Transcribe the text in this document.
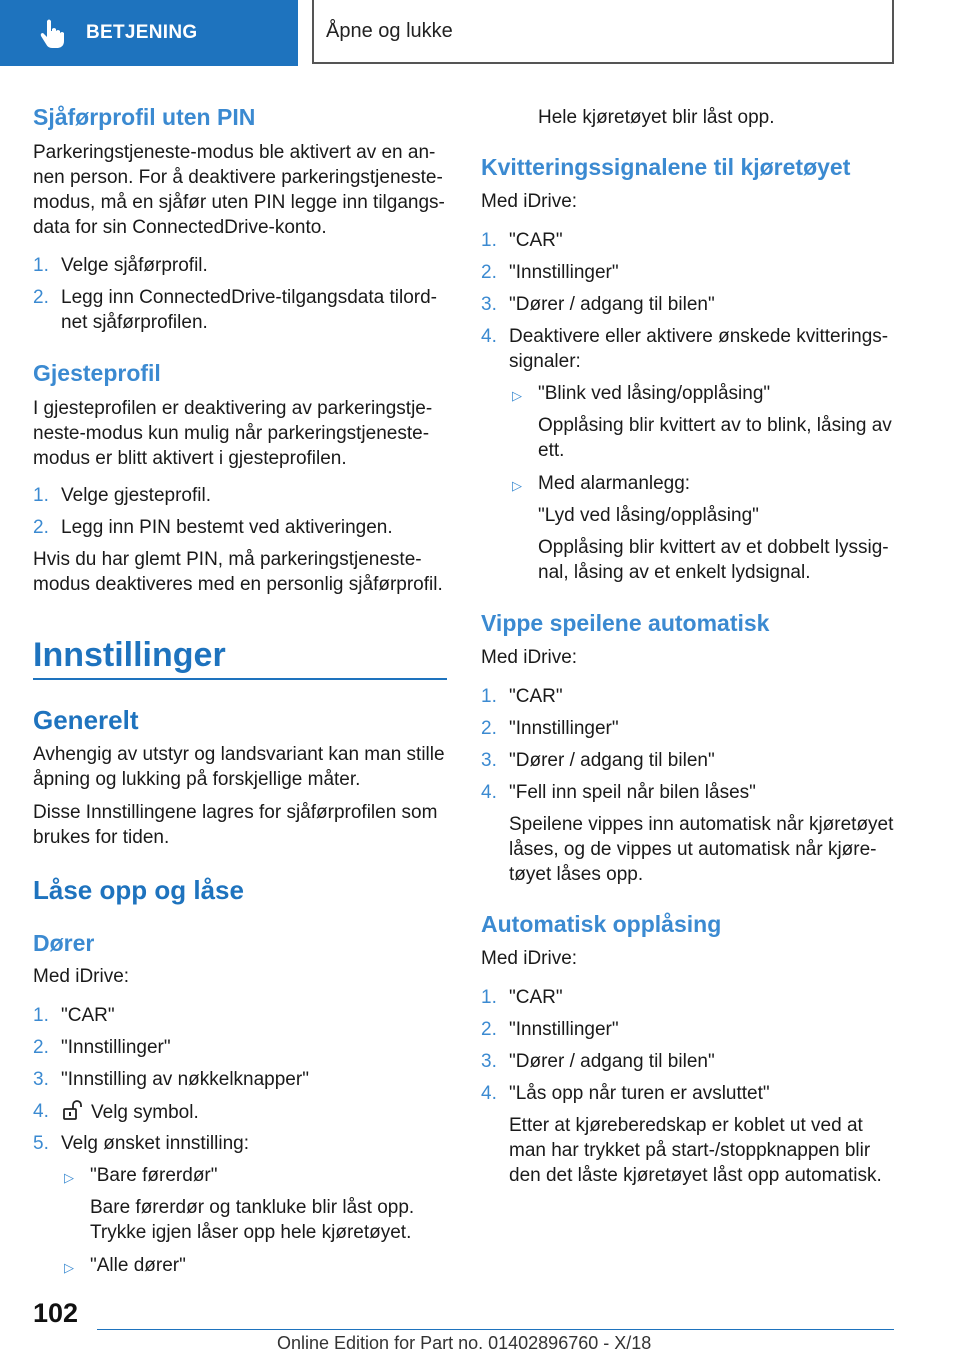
BETJENING	Åpne og lukke
Sjåførprofil uten PIN
Parkeringstjeneste-modus ble aktivert av en an-
nen person. For å deaktivere parkeringstjeneste-
modus, må en sjåfør uten PIN legge inn tilgangs-
data for sin ConnectedDrive-konto.
1. Velge sjåførprofil.
2. Legg inn ConnectedDrive-tilgangsdata tilord-
net sjåførprofilen.
Gjesteprofil
I gjesteprofilen er deaktivering av parkeringstje-
neste-modus kun mulig når parkeringstjeneste-
modus er blitt aktivert i gjesteprofilen.
1. Velge gjesteprofil.
2. Legg inn PIN bestemt ved aktiveringen.
Hvis du har glemt PIN, må parkeringstjeneste-
modus deaktiveres med en personlig sjåførprofil.
Innstillinger
Generelt
Avhengig av utstyr og landsvariant kan man stille
åpning og lukking på forskjellige måter.
Disse Innstillingene lagres for sjåførprofilen som
brukes for tiden.
Låse opp og låse
Dører
Med iDrive:
1. "CAR"
2. "Innstillinger"
3. "Innstilling av nøkkelknapper"
4.	Velg symbol.
5. Velg ønsket innstilling:
▷ "Bare førerdør"
Bare førerdør og tankluke blir låst opp.
Trykke igjen låser opp hele kjøretøyet.
▷ "Alle dører"
Hele kjøretøyet blir låst opp.
Kvitteringssignalene til kjøretøyet
Med iDrive:
1. "CAR"
2. "Innstillinger"
3. "Dører / adgang til bilen"
4. Deaktivere eller aktivere ønskede kvitterings-
signaler:
▷ "Blink ved låsing/opplåsing"
Opplåsing blir kvittert av to blink, låsing av
ett.
▷ Med alarmanlegg:
"Lyd ved låsing/opplåsing"
Opplåsing blir kvittert av et dobbelt lyssig-
nal, låsing av et enkelt lydsignal.
Vippe speilene automatisk
Med iDrive:
1. "CAR"
2. "Innstillinger"
3. "Dører / adgang til bilen"
4. "Fell inn speil når bilen låses"
Speilene vippes inn automatisk når kjøretøyet
låses, og de vippes ut automatisk når kjøre-
tøyet låses opp.
Automatisk opplåsing
Med iDrive:
1. "CAR"
2. "Innstillinger"
3. "Dører / adgang til bilen"
4. "Lås opp når turen er avsluttet"
Etter at kjøreberedskap er koblet ut ved at
man har trykket på start-/stoppknappen blir
den det låste kjøretøyet låst opp automatisk.
102
Online Edition for Part no. 01402896760 - X/18
